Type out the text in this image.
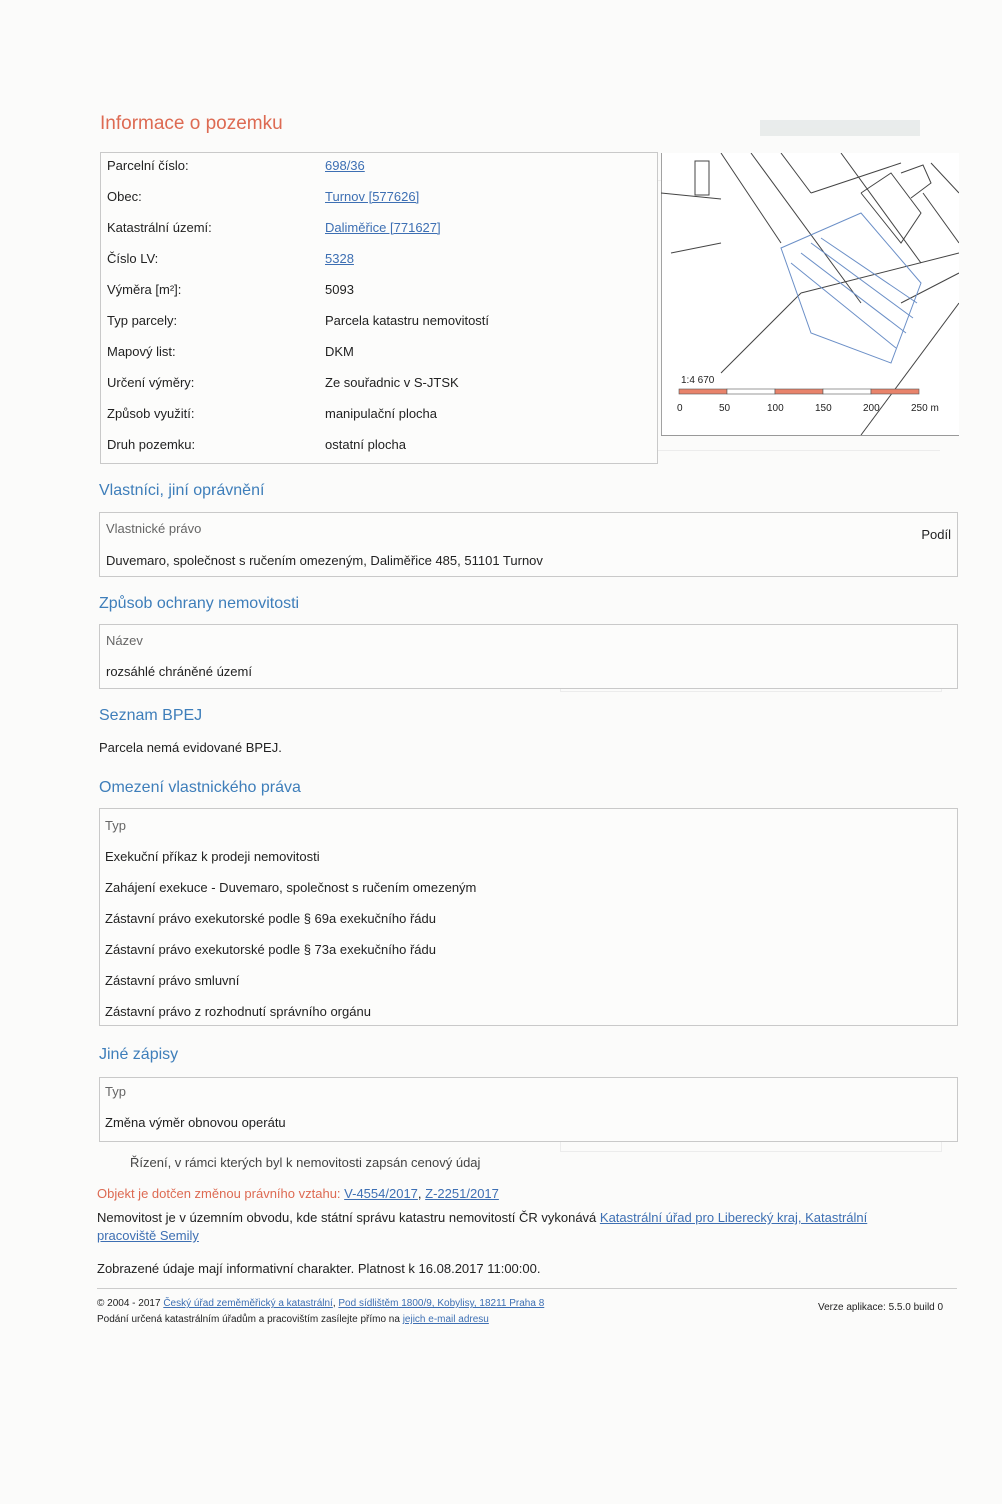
Informace o pozemku
Parcelní číslo:	698/36
Obec:	Turnov [577626]
Katastrální území:	Daliměřice [771627]
Číslo LV:	5328
Výměra [m²]:	5093
Typ parcely:	Parcela katastru nemovitostí
Mapový list:	DKM
Určení výměry:	Ze souřadnic v S-JTSK
Způsob využití:	manipulační plocha
Druh pozemku:	ostatní plocha
1:4 670
0	50	100	150	200	250 m
Vlastníci, jiní oprávnění
Vlastnické právo	Podíl
Duvemaro, společnost s ručením omezeným, Daliměřice 485, 51101 Turnov
Způsob ochrany nemovitosti
Název
rozsáhlé chráněné území
Seznam BPEJ
Parcela nemá evidované BPEJ.
Omezení vlastnického práva
Typ
Exekuční příkaz k prodeji nemovitosti
Zahájení exekuce - Duvemaro, společnost s ručením omezeným
Zástavní právo exekutorské podle § 69a exekučního řádu
Zástavní právo exekutorské podle § 73a exekučního řádu
Zástavní právo smluvní
Zástavní právo z rozhodnutí správního orgánu
Jiné zápisy
Typ
Změna výměr obnovou operátu
Řízení, v rámci kterých byl k nemovitosti zapsán cenový údaj
Objekt je dotčen změnou právního vztahu: V-4554/2017, Z-2251/2017
Nemovitost je v územním obvodu, kde státní správu katastru nemovitostí ČR vykonává Katastrální úřad pro Liberecký kraj, Katastrální pracoviště Semily
Zobrazené údaje mají informativní charakter. Platnost k 16.08.2017 11:00:00.
© 2004 - 2017 Český úřad zeměměřický a katastrální, Pod sídlištěm 1800/9, Kobylisy, 18211 Praha 8
Podání určená katastrálním úřadům a pracovištím zasílejte přímo na jejich e-mail adresu
Verze aplikace: 5.5.0 build 0
